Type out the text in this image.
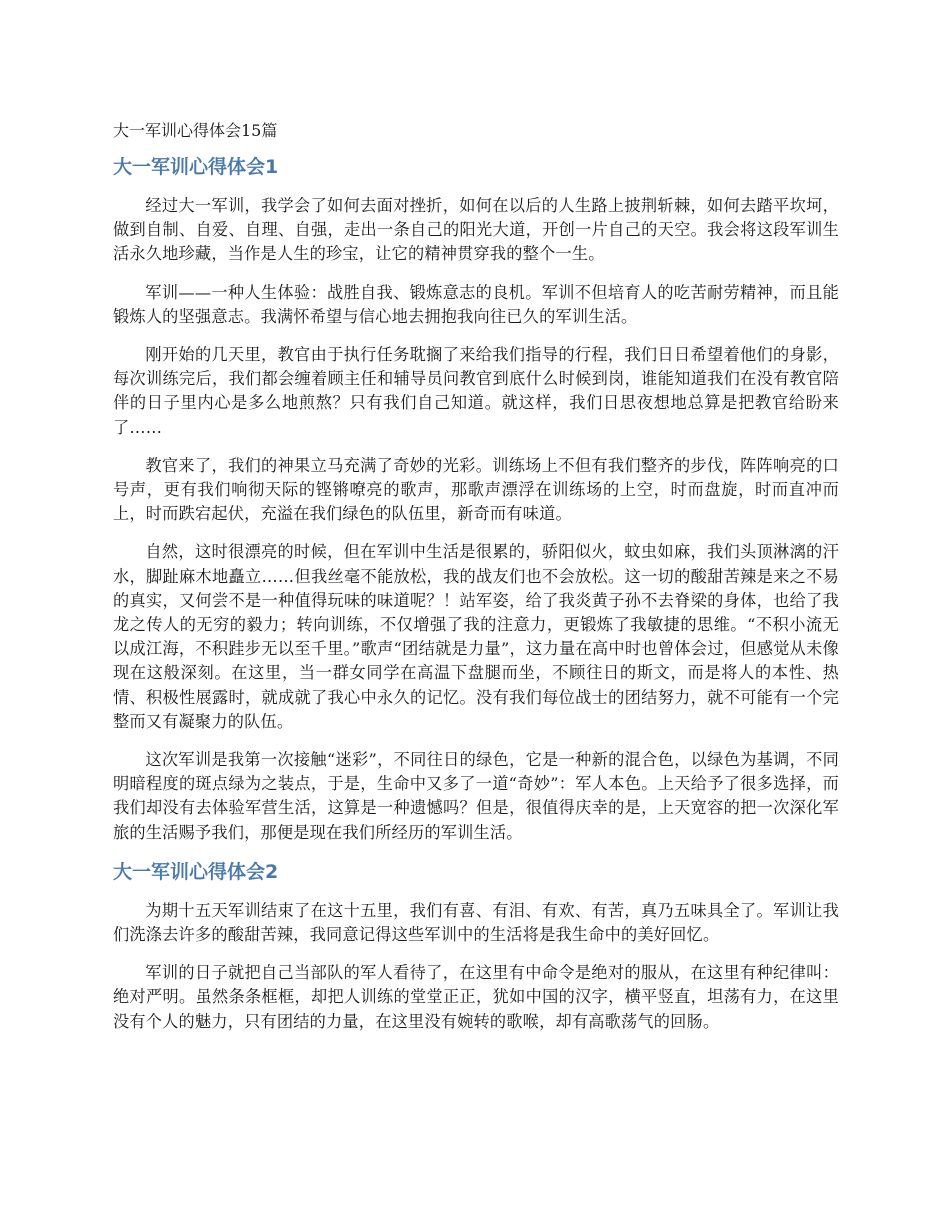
大一军训心得体会15篇
大一军训心得体会1

经过大一军训，我学会了如何去面对挫折，如何在以后的人生路上披荆斩棘，如何去踏平坎坷，做到自制、自爱、自理、自强，走出一条自己的阳光大道，开创一片自己的天空。我会将这段军训生活永久地珍藏，当作是人生的珍宝，让它的精神贯穿我的整个一生。

军训——一种人生体验：战胜自我、锻炼意志的良机。军训不但培育人的吃苦耐劳精神，而且能锻炼人的坚强意志。我满怀希望与信心地去拥抱我向往已久的军训生活。

刚开始的几天里，教官由于执行任务耽搁了来给我们指导的行程，我们日日希望着他们的身影，每次训练完后，我们都会缠着顾主任和辅导员问教官到底什么时候到岗，谁能知道我们在没有教官陪伴的日子里内心是多么地煎熬？只有我们自己知道。就这样，我们日思夜想地总算是把教官给盼来了……

教官来了，我们的神果立马充满了奇妙的光彩。训练场上不但有我们整齐的步伐，阵阵响亮的口号声，更有我们响彻天际的铿锵嘹亮的歌声，那歌声漂浮在训练场的上空，时而盘旋，时而直冲而上，时而跌宕起伏，充溢在我们绿色的队伍里，新奇而有味道。

自然，这时很漂亮的时候，但在军训中生活是很累的，骄阳似火，蚊虫如麻，我们头顶淋漓的汗水，脚趾麻木地矗立……但我丝毫不能放松，我的战友们也不会放松。这一切的酸甜苦辣是来之不易的真实，又何尝不是一种值得玩味的味道呢？！站军姿，给了我炎黄子孙不去脊梁的身体，也给了我龙之传人的无穷的毅力；转向训练，不仅增强了我的注意力，更锻炼了我敏捷的思维。“不积小流无以成江海，不积跬步无以至千里。”歌声“团结就是力量”，这力量在高中时也曾体会过，但感觉从未像现在这般深刻。在这里，当一群女同学在高温下盘腿而坐，不顾往日的斯文，而是将人的本性、热情、积极性展露时，就成就了我心中永久的记忆。没有我们每位战士的团结努力，就不可能有一个完整而又有凝聚力的队伍。

这次军训是我第一次接触“迷彩”，不同往日的绿色，它是一种新的混合色，以绿色为基调，不同明暗程度的斑点绿为之装点，于是，生命中又多了一道“奇妙”：军人本色。上天给予了很多选择，而我们却没有去体验军营生活，这算是一种遗憾吗？但是，很值得庆幸的是，上天宽容的把一次深化军旅的生活赐予我们，那便是现在我们所经历的军训生活。

大一军训心得体会2

为期十五天军训结束了在这十五里，我们有喜、有泪、有欢、有苦，真乃五味具全了。军训让我们洗涤去许多的酸甜苦辣，我同意记得这些军训中的生活将是我生命中的美好回忆。

军训的日子就把自己当部队的军人看待了，在这里有中命令是绝对的服从，在这里有种纪律叫：绝对严明。虽然条条框框，却把人训练的堂堂正正，犹如中国的汉字，横平竖直，坦荡有力，在这里没有个人的魅力，只有团结的力量，在这里没有婉转的歌喉，却有高歌荡气的回肠。
